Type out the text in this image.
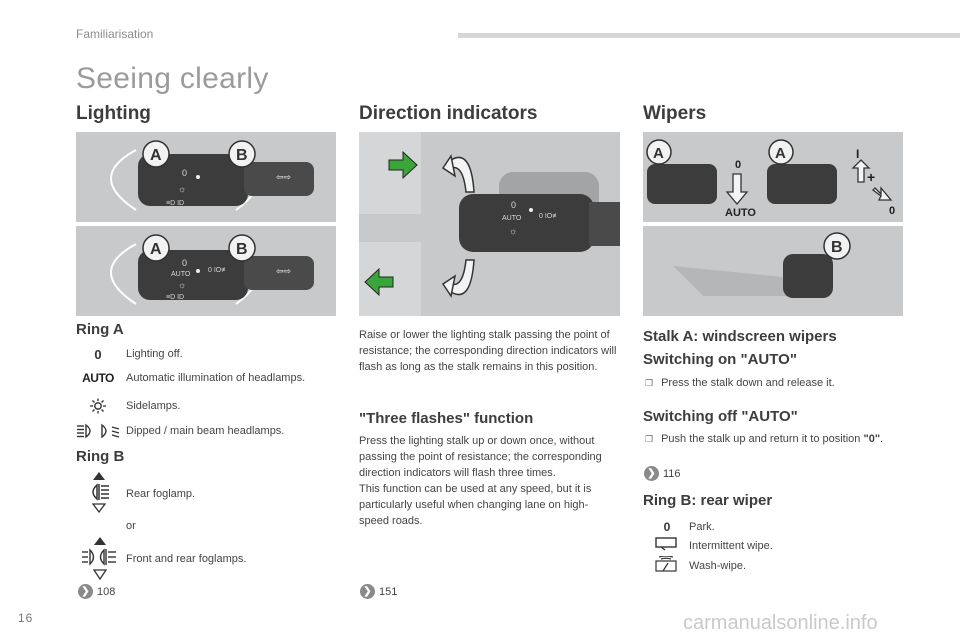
Familiarisation
Seeing clearly
Lighting
0
☼
≡D ID
A	B
⇦⇨
0
AUTO
☼
≡D ID
0 IO≢
A	B
⇦⇨
Ring A
0 Lighting off.
AUTO Automatic illumination of headlamps.
Sidelamps.
Dipped / main beam headlamps.
Ring B
Rear foglamp.
or
Front and rear foglamps.
❯ 108
Direction indicators
0
AUTO
☼
0 IO≢
Raise or lower the lighting stalk passing the point of resistance; the corresponding direction indicators will flash as long as the stalk remains in this position.
"Three flashes" function
Press the lighting stalk up or down once, without passing the point of resistance; the corresponding direction indicators will flash three times.
This function can be used at any speed, but it is particularly useful when changing lane on high-speed roads.
❯ 151
Wipers
A	A
0
AUTO
I
+
0
B
Stalk A: windscreen wipers
Switching on "AUTO"
❐ Press the stalk down and release it.
Switching off "AUTO"
❐ Push the stalk up and return it to position "0".
❯ 116
Ring B: rear wiper
0	Park.
Intermittent wipe.
Wash-wipe.
16	carmanualsonline.info
